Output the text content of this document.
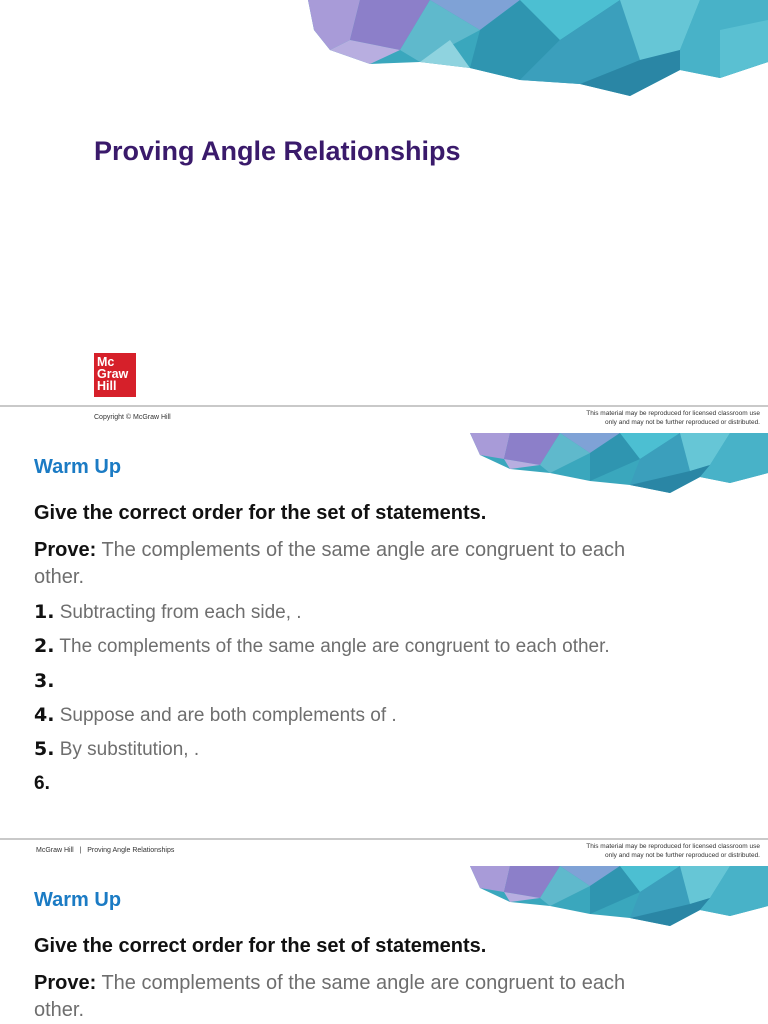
Proving Angle Relationships
Mc
Graw
Hill
Copyright © McGraw Hill
This material may be reproduced for licensed classroom use
only and may not be further reproduced or distributed.
Warm Up

Give the correct order for the set of statements.

Prove: The complements of the same angle are congruent to each other.

1. Subtracting from each side, .
2. The complements of the same angle are congruent to each other.
3.
4. Suppose and are both complements of .
5. By substitution, .
6.
McGraw Hill   |   Proving Angle Relationships
This material may be reproduced for licensed classroom use
only and may not be further reproduced or distributed.
Warm Up

Give the correct order for the set of statements.

Prove: The complements of the same angle are congruent to each other.
